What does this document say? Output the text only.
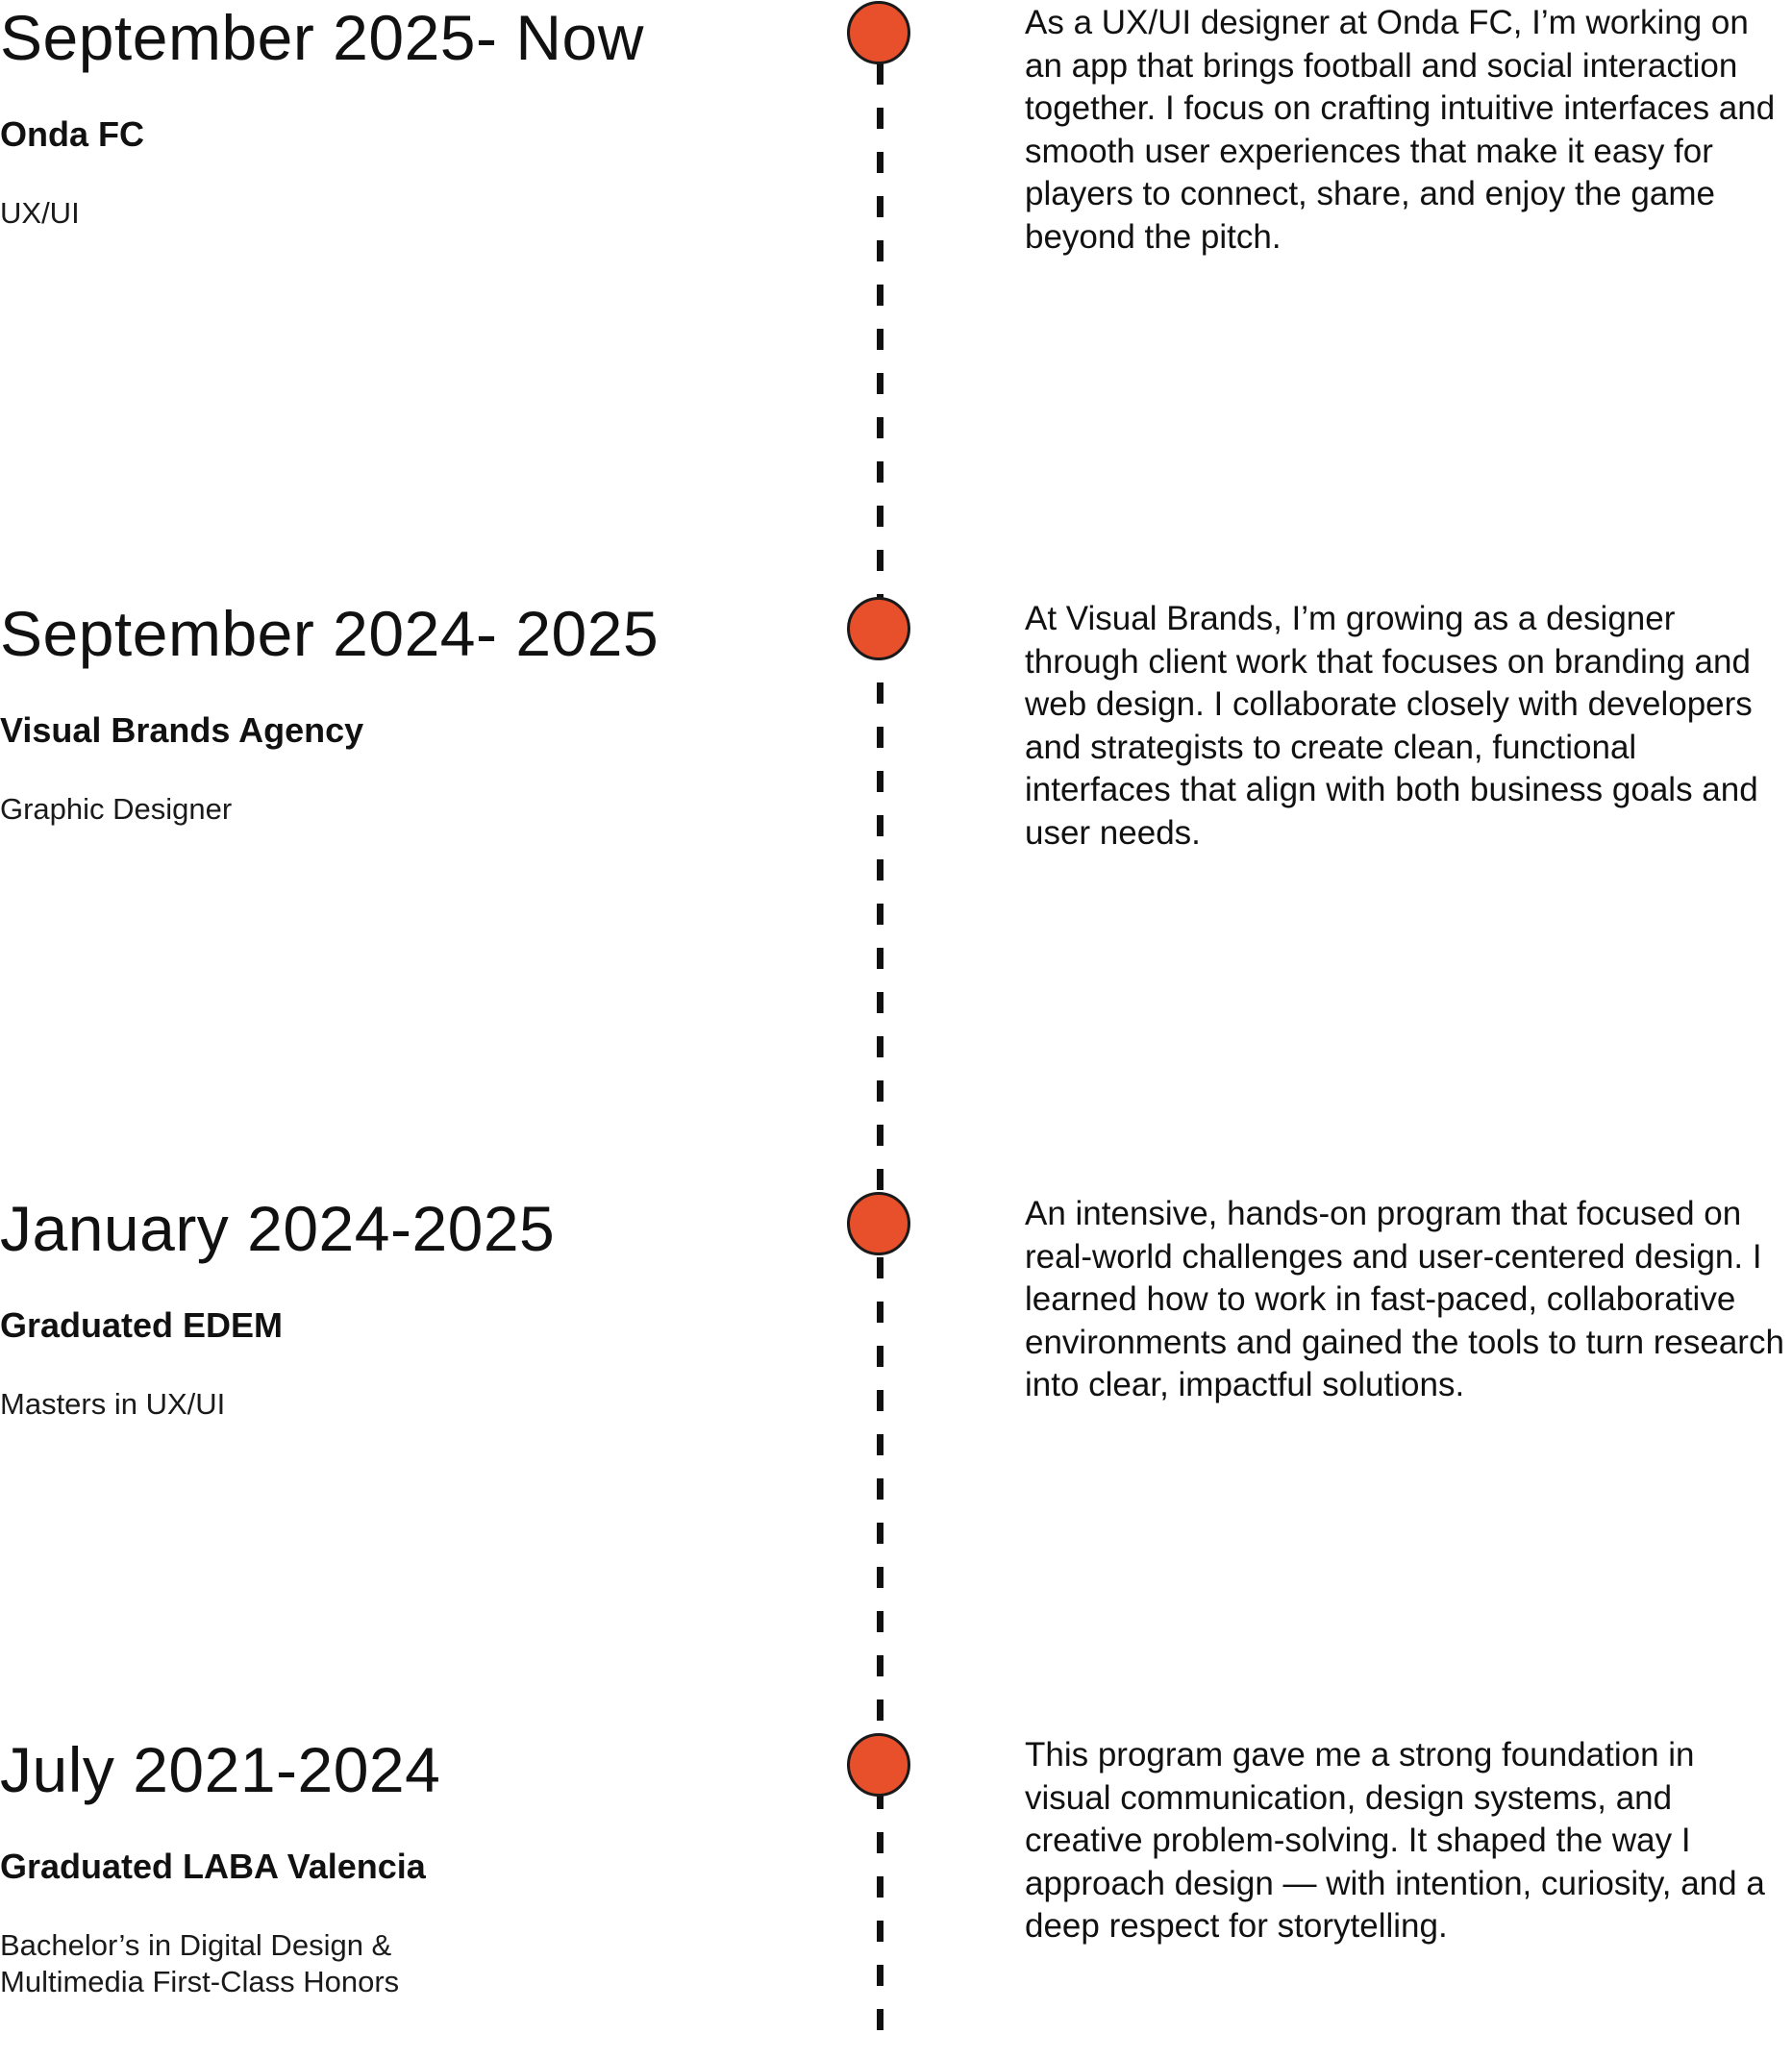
September 2025- Now
Onda FC
UX/UI

As a UX/UI designer at Onda FC, I’m working on an app that brings football and social interaction together. I focus on crafting intuitive interfaces and smooth user experiences that make it easy for players to connect, share, and enjoy the game beyond the pitch.

September 2024- 2025
Visual Brands Agency
Graphic Designer

At Visual Brands, I’m growing as a designer through client work that focuses on branding and web design. I collaborate closely with developers and strategists to create clean, functional interfaces that align with both business goals and user needs.

January 2024-2025
Graduated EDEM
Masters in UX/UI

An intensive, hands-on program that focused on real-world challenges and user-centered design. I learned how to work in fast-paced, collaborative environments and gained the tools to turn research into clear, impactful solutions.

July 2021-2024
Graduated LABA Valencia
Bachelor’s in Digital Design & Multimedia First-Class Honors

This program gave me a strong foundation in visual communication, design systems, and creative problem-solving. It shaped the way I approach design — with intention, curiosity, and a deep respect for storytelling.
